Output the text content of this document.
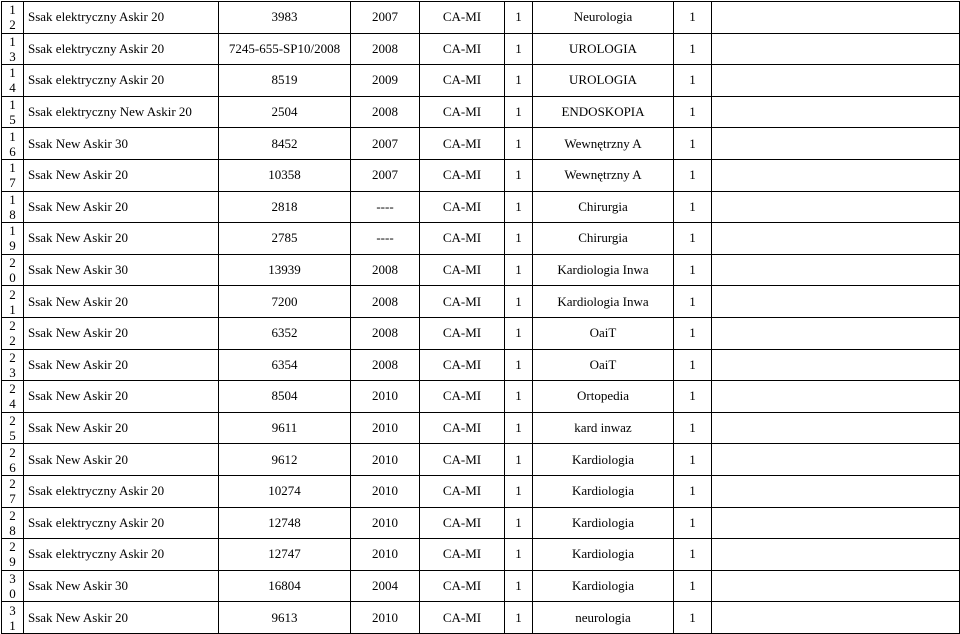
12	Ssak elektryczny Askir 20	3983	2007	CA-MI	1	Neurologia	1	

13	Ssak elektryczny Askir 20	7245-655-SP10/2008	2008	CA-MI	1	UROLOGIA	1	

14	Ssak elektryczny Askir 20	8519	2009	CA-MI	1	UROLOGIA	1	

15	Ssak elektryczny New Askir 20	2504	2008	CA-MI	1	ENDOSKOPIA	1	

16	Ssak New Askir 30	8452	2007	CA-MI	1	Wewnętrzny A	1	

17	Ssak New Askir 20	10358	2007	CA-MI	1	Wewnętrzny A	1	

18	Ssak New Askir 20	2818	----	CA-MI	1	Chirurgia	1	

19	Ssak New Askir 20	2785	----	CA-MI	1	Chirurgia	1	

20	Ssak New Askir 30	13939	2008	CA-MI	1	Kardiologia Inwa	1	

21	Ssak New Askir 20	7200	2008	CA-MI	1	Kardiologia Inwa	1	

22	Ssak New Askir 20	6352	2008	CA-MI	1	OaiT	1	

23	Ssak New Askir 20	6354	2008	CA-MI	1	OaiT	1	

24	Ssak New Askir 20	8504	2010	CA-MI	1	Ortopedia	1	

25	Ssak New Askir 20	9611	2010	CA-MI	1	kard inwaz	1	

26	Ssak New Askir 20	9612	2010	CA-MI	1	Kardiologia	1	

27	Ssak elektryczny Askir 20	10274	2010	CA-MI	1	Kardiologia	1	

28	Ssak elektryczny Askir 20	12748	2010	CA-MI	1	Kardiologia	1	

29	Ssak elektryczny Askir 20	12747	2010	CA-MI	1	Kardiologia	1	

30	Ssak New Askir 30	16804	2004	CA-MI	1	Kardiologia	1	

31	Ssak New Askir 20	9613	2010	CA-MI	1	neurologia	1	
